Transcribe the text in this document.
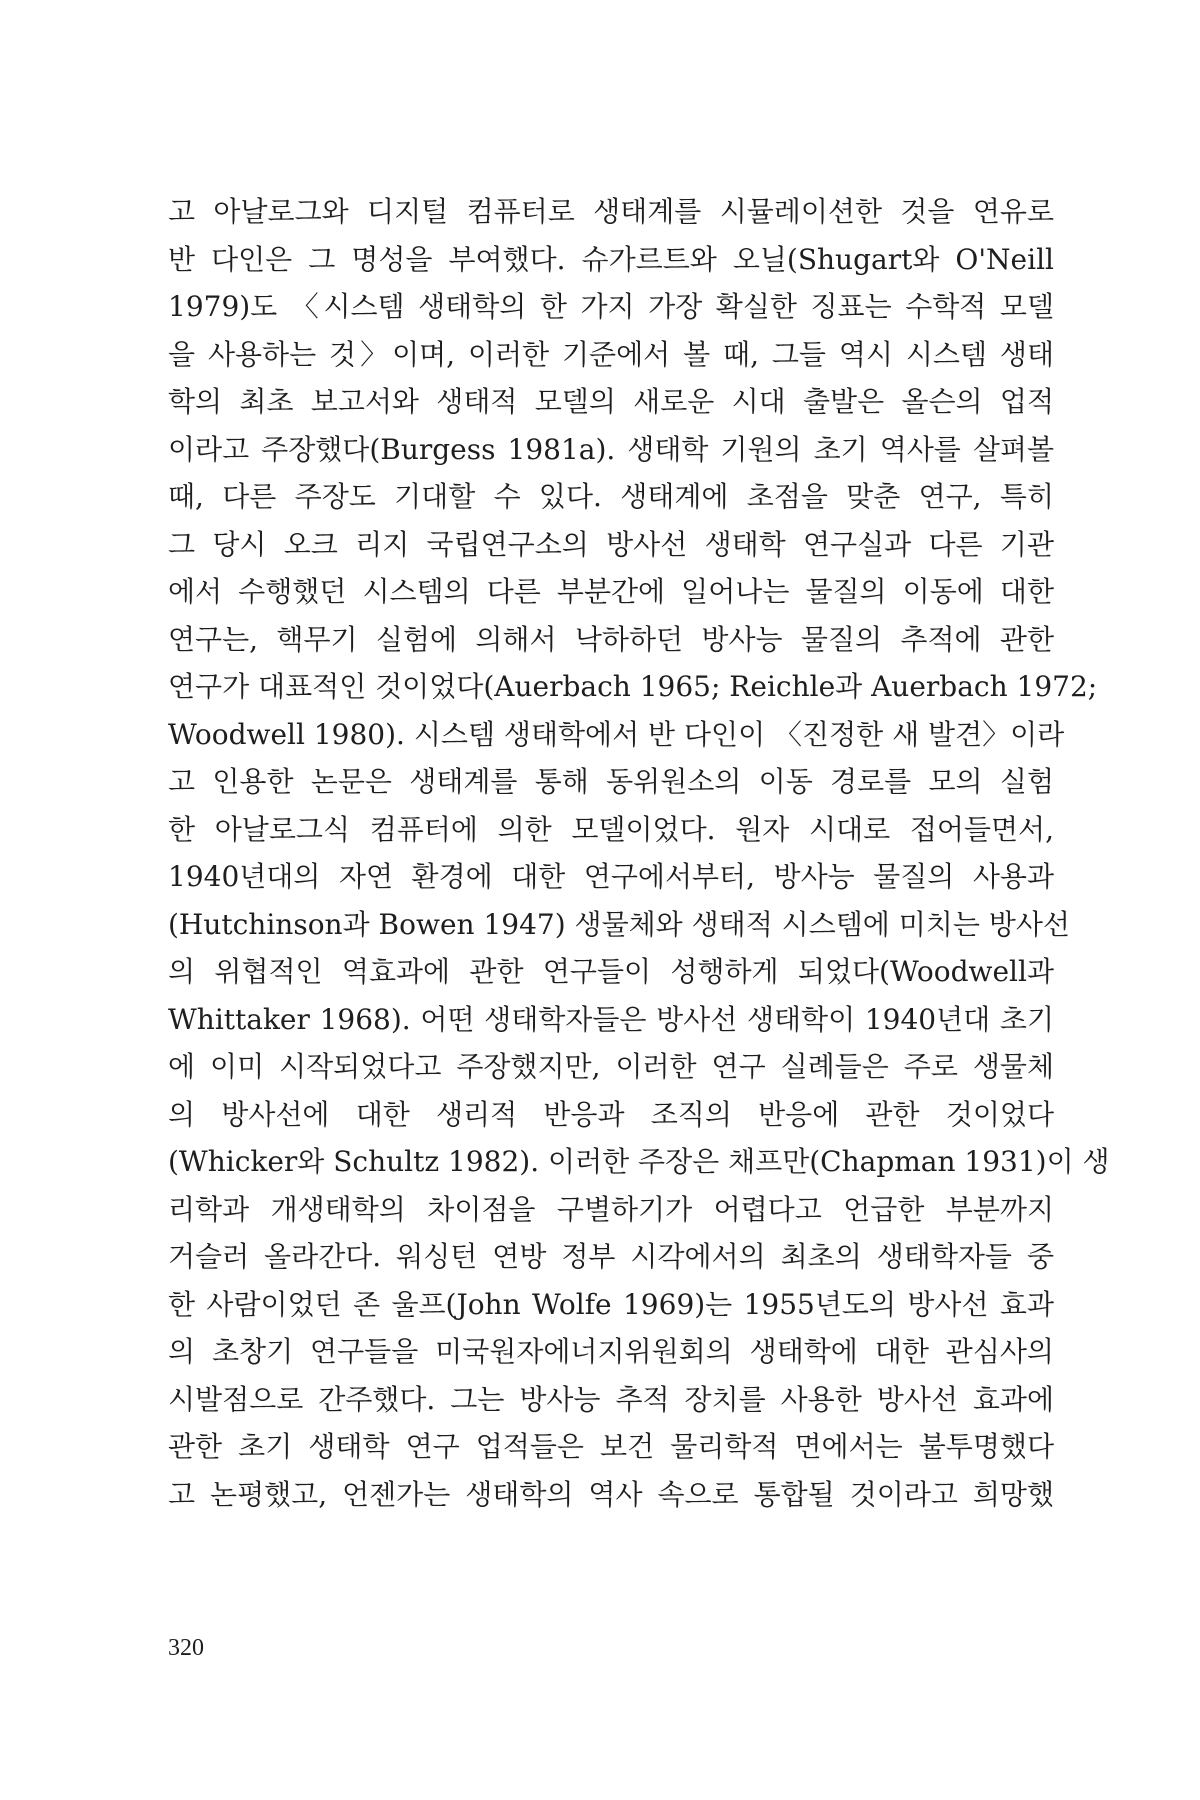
고 아날로그와 디지털 컴퓨터로 생태계를 시뮬레이션한 것을 연유로
반 다인은 그 명성을 부여했다. 슈가르트와 오닐(Shugart와 O'Neill
1979)도 〈시스템 생태학의 한 가지 가장 확실한 징표는 수학적 모델
을 사용하는 것〉이며, 이러한 기준에서 볼 때, 그들 역시 시스템 생태
학의 최초 보고서와 생태적 모델의 새로운 시대 출발은 올슨의 업적
이라고 주장했다(Burgess 1981a). 생태학 기원의 초기 역사를 살펴볼
때, 다른 주장도 기대할 수 있다. 생태계에 초점을 맞춘 연구, 특히
그 당시 오크 리지 국립연구소의 방사선 생태학 연구실과 다른 기관
에서 수행했던 시스템의 다른 부분간에 일어나는 물질의 이동에 대한
연구는, 핵무기 실험에 의해서 낙하하던 방사능 물질의 추적에 관한
연구가 대표적인 것이었다(Auerbach 1965; Reichle과 Auerbach 1972;
Woodwell 1980). 시스템 생태학에서 반 다인이 〈진정한 새 발견〉이라
고 인용한 논문은 생태계를 통해 동위원소의 이동 경로를 모의 실험
한 아날로그식 컴퓨터에 의한 모델이었다. 원자 시대로 접어들면서,
1940년대의 자연 환경에 대한 연구에서부터, 방사능 물질의 사용과
(Hutchinson과 Bowen 1947) 생물체와 생태적 시스템에 미치는 방사선
의 위협적인 역효과에 관한 연구들이 성행하게 되었다(Woodwell과
Whittaker 1968). 어떤 생태학자들은 방사선 생태학이 1940년대 초기
에 이미 시작되었다고 주장했지만, 이러한 연구 실례들은 주로 생물체
의 방사선에 대한 생리적 반응과 조직의 반응에 관한 것이었다
(Whicker와 Schultz 1982). 이러한 주장은 채프만(Chapman 1931)이 생
리학과 개생태학의 차이점을 구별하기가 어렵다고 언급한 부분까지
거슬러 올라간다. 워싱턴 연방 정부 시각에서의 최초의 생태학자들 중
한 사람이었던 존 울프(John Wolfe 1969)는 1955년도의 방사선 효과
의 초창기 연구들을 미국원자에너지위원회의 생태학에 대한 관심사의
시발점으로 간주했다. 그는 방사능 추적 장치를 사용한 방사선 효과에
관한 초기 생태학 연구 업적들은 보건 물리학적 면에서는 불투명했다
고 논평했고, 언젠가는 생태학의 역사 속으로 통합될 것이라고 희망했
320
